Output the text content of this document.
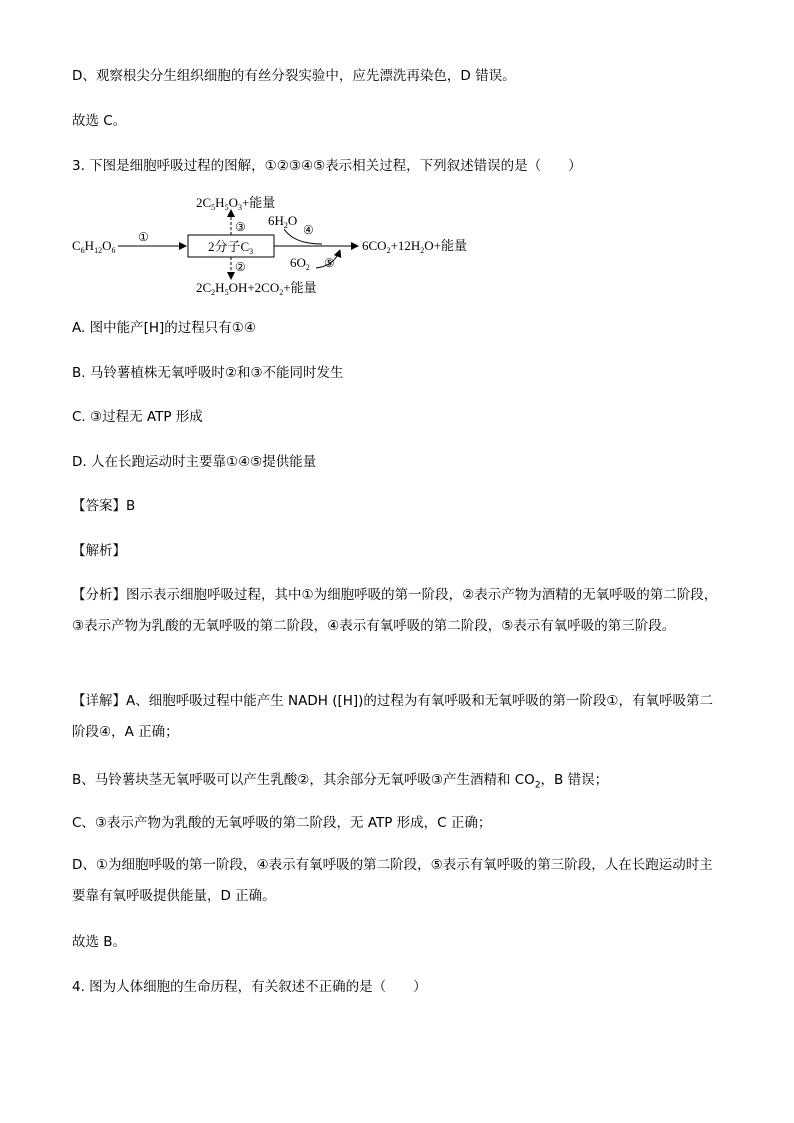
D、观察根尖分生组织细胞的有丝分裂实验中，应先漂洗再染色，D 错误。
故选 C。
3. 下图是细胞呼吸过程的图解，①②③④⑤表示相关过程，下列叙述错误的是（　　）
$C_6H_{12}O_6$
①
2分子$C_3$
③
$2C_5H_5O_3+$能量
②
$2C_2H_5OH+2CO_2+$能量
$6H_2O$
④
$6O_2$ ⑤
$6CO_2+12H_2O+$能量
A. 图中能产[H]的过程只有①④
B. 马铃薯植株无氧呼吸时②和③不能同时发生
C. ③过程无 ATP 形成
D. 人在长跑运动时主要靠①④⑤提供能量
【答案】B
【解析】
【分析】图示表示细胞呼吸过程，其中①为细胞呼吸的第一阶段，②表示产物为酒精的无氧呼吸的第二阶段，③表示产物为乳酸的无氧呼吸的第二阶段，④表示有氧呼吸的第二阶段，⑤表示有氧呼吸的第三阶段。
【详解】A、细胞呼吸过程中能产生 NADH ([H])的过程为有氧呼吸和无氧呼吸的第一阶段①，有氧呼吸第二阶段④，A 正确；
B、马铃薯块茎无氧呼吸可以产生乳酸②，其余部分无氧呼吸③产生酒精和 $CO_2$，B 错误；
C、③表示产物为乳酸的无氧呼吸的第二阶段，无 ATP 形成，C 正确；
D、①为细胞呼吸的第一阶段，④表示有氧呼吸的第二阶段，⑤表示有氧呼吸的第三阶段，人在长跑运动时主要靠有氧呼吸提供能量，D 正确。
故选 B。
4. 图为人体细胞的生命历程，有关叙述不正确的是（　　）
